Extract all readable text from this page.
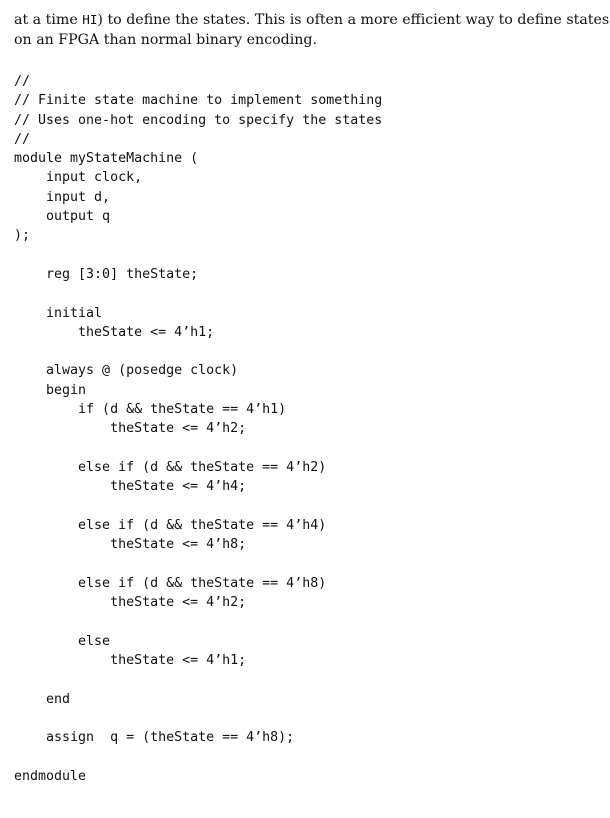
at a time HI) to define the states. This is often a more efficient way to define states
on an FPGA than normal binary encoding.
//
// Finite state machine to implement something
// Uses one-hot encoding to specify the states
//
module myStateMachine (
input clock,
input d,
output q
);
reg [3:0] theState;
initial
theState <= 4’h1;
always @ (posedge clock)
begin
if (d && theState == 4’h1)
theState <= 4’h2;
else if (d && theState == 4’h2)
theState <= 4’h4;
else if (d && theState == 4’h4)
theState <= 4’h8;
else if (d && theState == 4’h8)
theState <= 4’h2;
else
theState <= 4’h1;
end
assign  q = (theState == 4’h8);
endmodule
